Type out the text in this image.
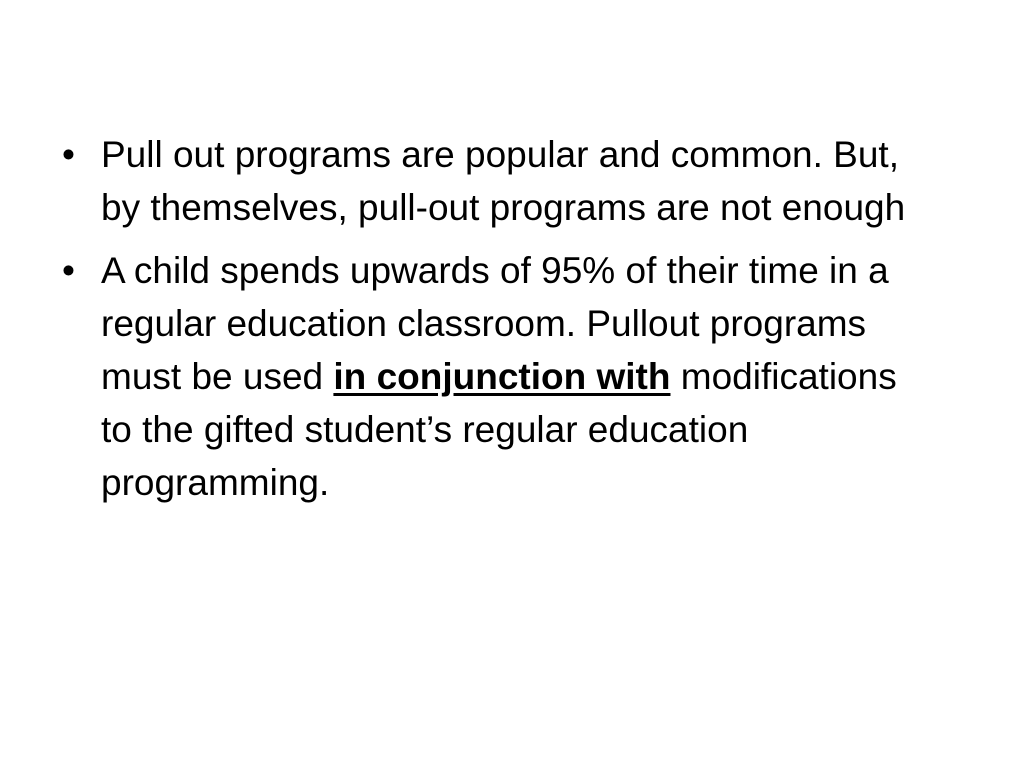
• Pull out programs are popular and common. But, by themselves, pull-out programs are not enough
• A child spends upwards of 95% of their time in a regular education classroom. Pullout programs must be used in conjunction with modifications to the gifted student’s regular education programming.
